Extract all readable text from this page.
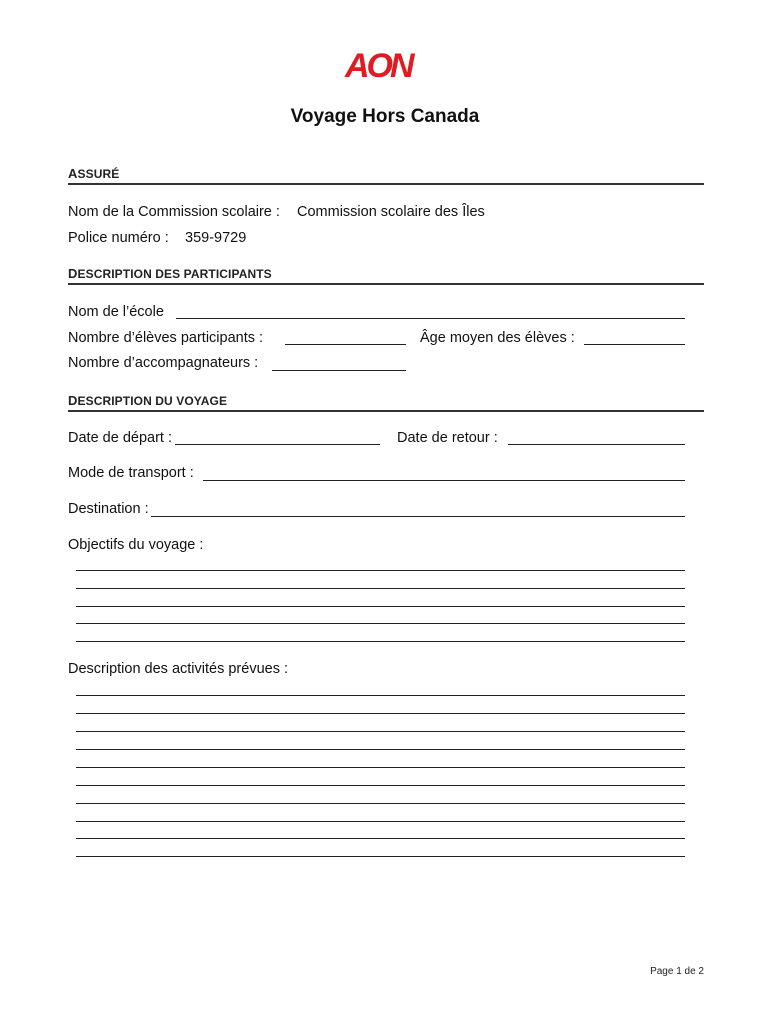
AON
Voyage Hors Canada
ASSURÉ
Nom de la Commission scolaire : Commission scolaire des Îles
Police numéro : 359-9729
DESCRIPTION DES PARTICIPANTS
Nom de l’école
Nombre d’élèves participants :	Âge moyen des élèves :
Nombre d’accompagnateurs :
DESCRIPTION DU VOYAGE
Date de départ :	Date de retour :
Mode de transport :
Destination :
Objectifs du voyage :
Description des activités prévues :
Page 1 de 2
